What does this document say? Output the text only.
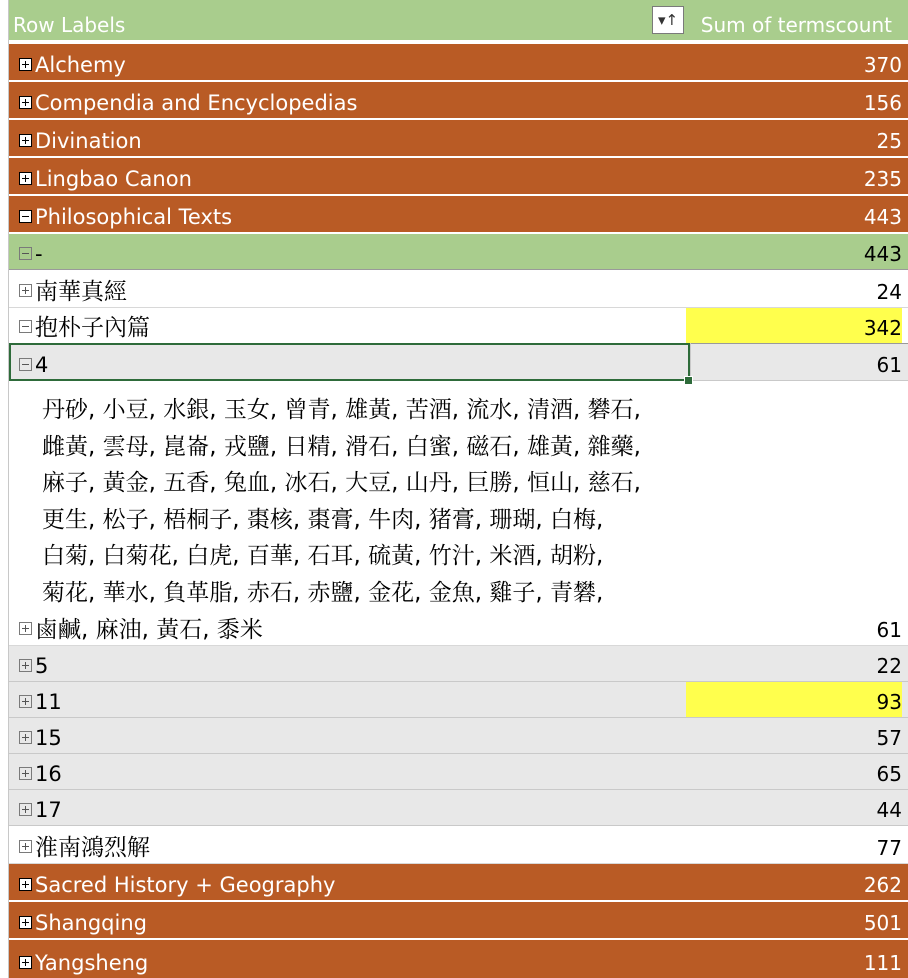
Row Labels	▾↑ Sum of termscount
Alchemy	370
Compendia and Encyclopedias	156
Divination	25
Lingbao Canon	235
Philosophical Texts	443
-	443
南華真經	24
抱朴子內篇	342
4	61
丹砂, 小豆, 水銀, 玉女, 曾青, 雄黃, 苦酒, 流水, 清酒, 礬石,
雌黃, 雲母, 崑崙, 戎鹽, 日精, 滑石, 白蜜, 磁石, 雄黃, 雜藥,
麻子, 黃金, 五香, 兔血, 冰石, 大豆, 山丹, 巨勝, 恒山, 慈石,
更生, 松子, 梧桐子, 棗核, 棗膏, 牛肉, 猪膏, 珊瑚, 白梅,
白菊, 白菊花, 白虎, 百華, 石耳, 硫黃, 竹汁, 米酒, 胡粉,
菊花, 華水, 負革脂, 赤石, 赤鹽, 金花, 金魚, 雞子, 青礬,
鹵鹹, 麻油, 黃石, 黍米	61
5	22
11	93
15	57
16	65
17	44
淮南鴻烈解	77
Sacred History + Geography	262
Shangqing	501
Yangsheng	111
